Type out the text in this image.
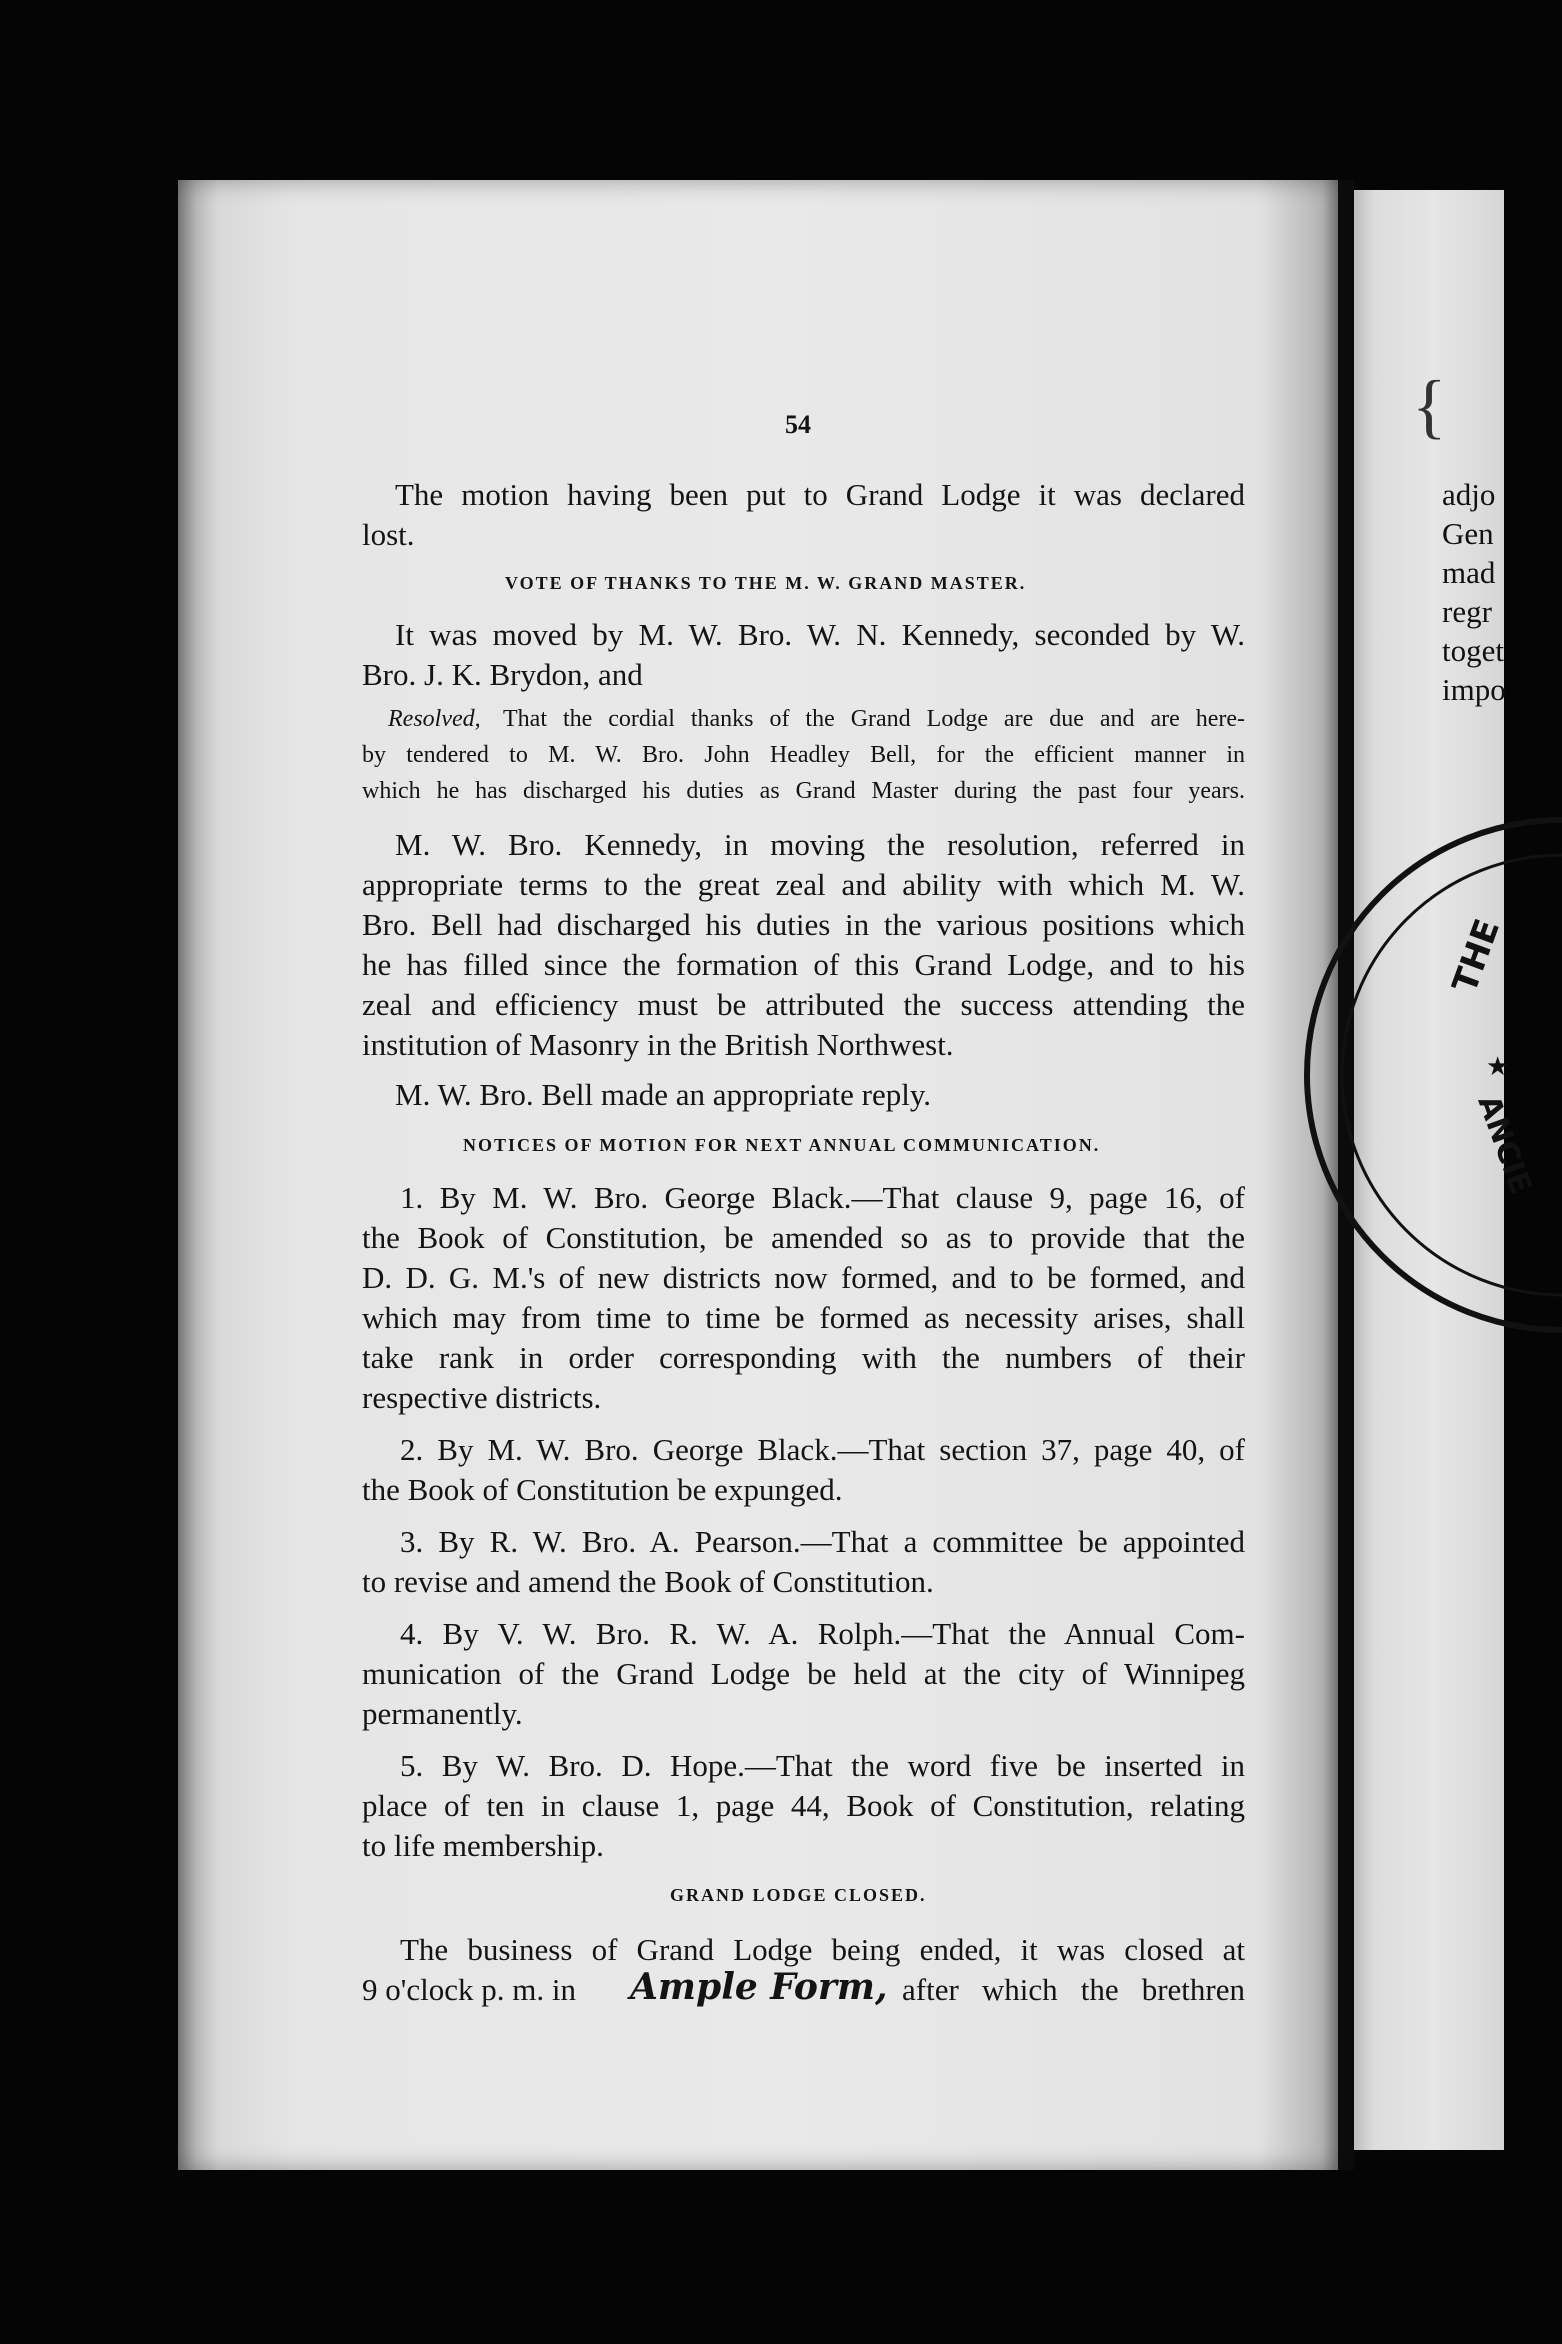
The motion having been put to Grand Lodge it was declared
lost.
VOTE OF THANKS TO THE M. W. GRAND MASTER.
It was moved by M. W. Bro. W. N. Kennedy, seconded by W.
Bro. J. K. Brydon, and
Resolved, That the cordial thanks of the Grand Lodge are due and are here-
by tendered to M. W. Bro. John Headley Bell, for the efficient manner in
which he has discharged his duties as Grand Master during the past four years.
M. W. Bro. Kennedy, in moving the resolution, referred in
appropriate terms to the great zeal and ability with which M. W.
Bro. Bell had discharged his duties in the various positions which
he has filled since the formation of this Grand Lodge, and to his
zeal and efficiency must be attributed the success attending the
institution of Masonry in the British Northwest.
M. W. Bro. Bell made an appropriate reply.
NOTICES OF MOTION FOR NEXT ANNUAL COMMUNICATION.
1. By M. W. Bro. George Black.—That clause 9, page 16, of
the Book of Constitution, be amended so as to provide that the
D. D. G. M.'s of new districts now formed, and to be formed, and
which may from time to time be formed as necessity arises, shall
take rank in order corresponding with the numbers of their
respective districts.
2. By M. W. Bro. George Black.—That section 37, page 40, of
the Book of Constitution be expunged.
3. By R. W. Bro. A. Pearson.—That a committee be appointed
to revise and amend the Book of Constitution.
4. By V. W. Bro. R. W. A. Rolph.—That the Annual Com-
munication of the Grand Lodge be held at the city of Winnipeg
permanently.
5. By W. Bro. D. Hope.—That the word five be inserted in
place of ten in clause 1, page 44, Book of Constitution, relating
to life membership.
GRAND LODGE CLOSED.
The business of Grand Lodge being ended, it was closed at
9 o'clock p. m. in Ample Form, after which the brethren
54	{
adjo
Gen
mad
regr
toget
impo
THE
★
ANCIE
